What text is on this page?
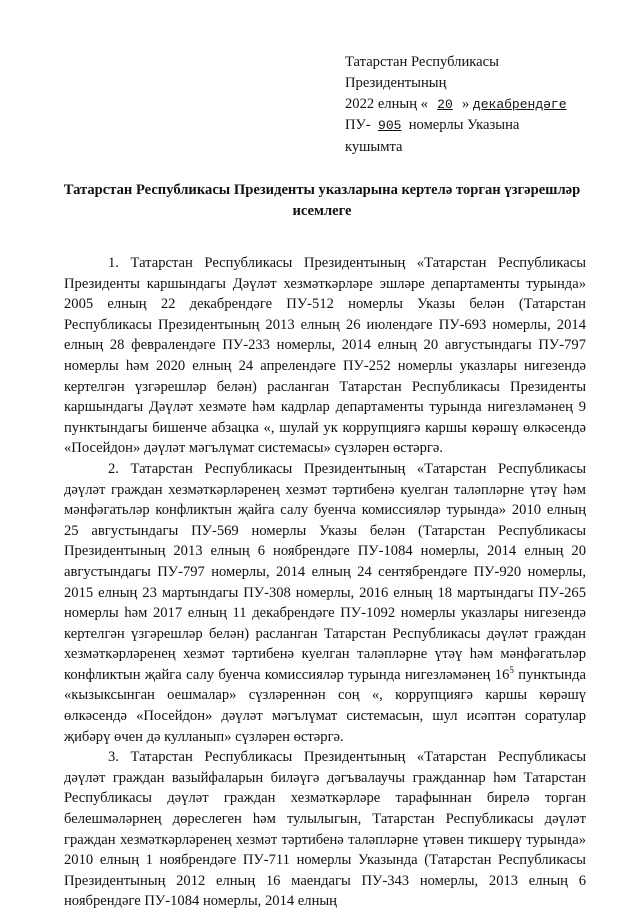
Татарстан Республикасы
Президентының
2022 елның « 20 » декабрендәге
ПУ- 905 номерлы Указына
кушымта
Татарстан Республикасы Президенты указларына кертелә торган үзгәрешләр исемлеге

1. Татарстан Республикасы Президентының «Татарстан Республикасы Президенты каршындагы Дәүләт хезмәткәрләре эшләре департаменты турында» 2005 елның 22 декабрендәге ПУ-512 номерлы Указы белән (Татарстан Республикасы Президентының 2013 елның 26 июлендәге ПУ-693 номерлы, 2014 елның 28 февралендәге ПУ-233 номерлы, 2014 елның 20 августындагы ПУ-797 номерлы һәм 2020 елның 24 апрелендәге ПУ-252 номерлы указлары нигезендә кертелгән үзгәрешләр белән) расланган Татарстан Республикасы Президенты каршындагы Дәүләт хезмәте һәм кадрлар департаменты турында нигезләмәнең 9 пунктындагы бишенче абзацка «, шулай ук коррупциягә каршы көрәшү өлкәсендә «Посейдон» дәүләт мәгълүмат системасы» сүзләрен өстәргә.

2. Татарстан Республикасы Президентының «Татарстан Республикасы дәүләт граждан хезмәткәрләренең хезмәт тәртибенә куелган таләпләрне үтәү һәм мәнфәгатьләр конфликтын җайга салу буенча комиссияләр турында» 2010 елның 25 августындагы ПУ-569 номерлы Указы белән (Татарстан Республикасы Президентының 2013 елның 6 ноябрендәге ПУ-1084 номерлы, 2014 елның 20 августындагы ПУ-797 номерлы, 2014 елның 24 сентябрендәге ПУ-920 номерлы, 2015 елның 23 мартындагы ПУ-308 номерлы, 2016 елның 18 мартындагы ПУ-265 номерлы һәм 2017 елның 11 декабрендәге ПУ-1092 номерлы указлары нигезендә кертелгән үзгәрешләр белән) расланган Татарстан Республикасы дәүләт граждан хезмәткәрләренең хезмәт тәртибенә куелган таләпләрне үтәү һәм мәнфәгатьләр конфликтын җайга салу буенча комиссияләр турында нигезләмәнең $16^5$ пунктында «кызыксынган оешмалар» сүзләреннән соң «, коррупциягә каршы көрәшү өлкәсендә «Посейдон» дәүләт мәгълүмат системасын, шул исәптән соратулар җибәрү өчен дә кулланып» сүзләрен өстәргә.

3. Татарстан Республикасы Президентының «Татарстан Республикасы дәүләт граждан вазыйфаларын биләүгә дәгъвалаучы гражданнар һәм Татарстан Республикасы дәүләт граждан хезмәткәрләре тарафыннан бирелә торган белешмәләрнең дөреслеген һәм тулылыгын, Татарстан Республикасы дәүләт граждан хезмәткәрләренең хезмәт тәртибенә таләпләрне үтәвен тикшерү турында» 2010 елның 1 ноябрендәге ПУ-711 номерлы Указында (Татарстан Республикасы Президентының 2012 елның 16 маендагы ПУ-343 номерлы, 2013 елның 6 ноябрендәге ПУ-1084 номерлы, 2014 елның
